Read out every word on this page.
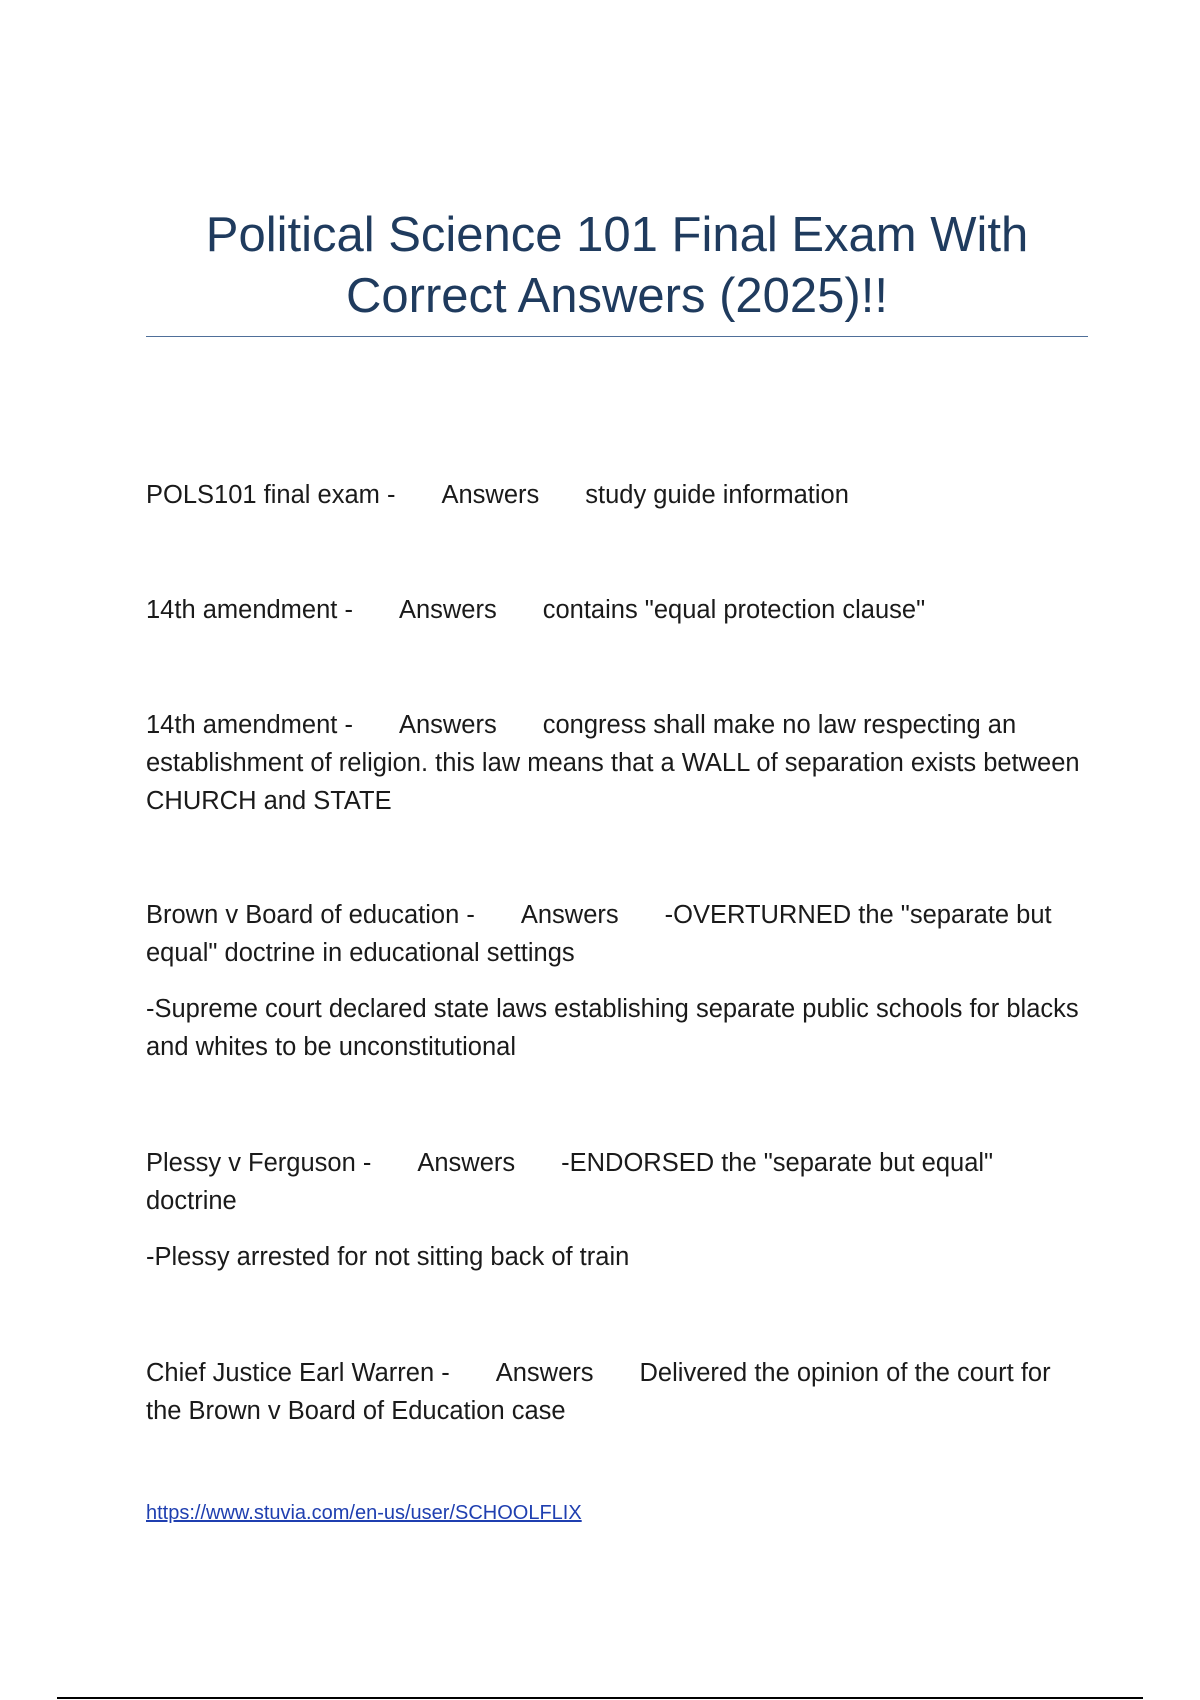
Political Science 101 Final Exam With
Correct Answers (2025)!!

POLS101 final exam - Answers study guide information

14th amendment - Answers contains "equal protection clause"

14th amendment - Answers congress shall make no law respecting an establishment of religion. this law means that a WALL of separation exists between CHURCH and STATE

Brown v Board of education - Answers -OVERTURNED the "separate but equal" doctrine in educational settings

-Supreme court declared state laws establishing separate public schools for blacks and whites to be unconstitutional

Plessy v Ferguson - Answers -ENDORSED the "separate but equal" doctrine

-Plessy arrested for not sitting back of train

Chief Justice Earl Warren - Answers Delivered the opinion of the court for the Brown v Board of Education case

https://www.stuvia.com/en-us/user/SCHOOLFLIX
